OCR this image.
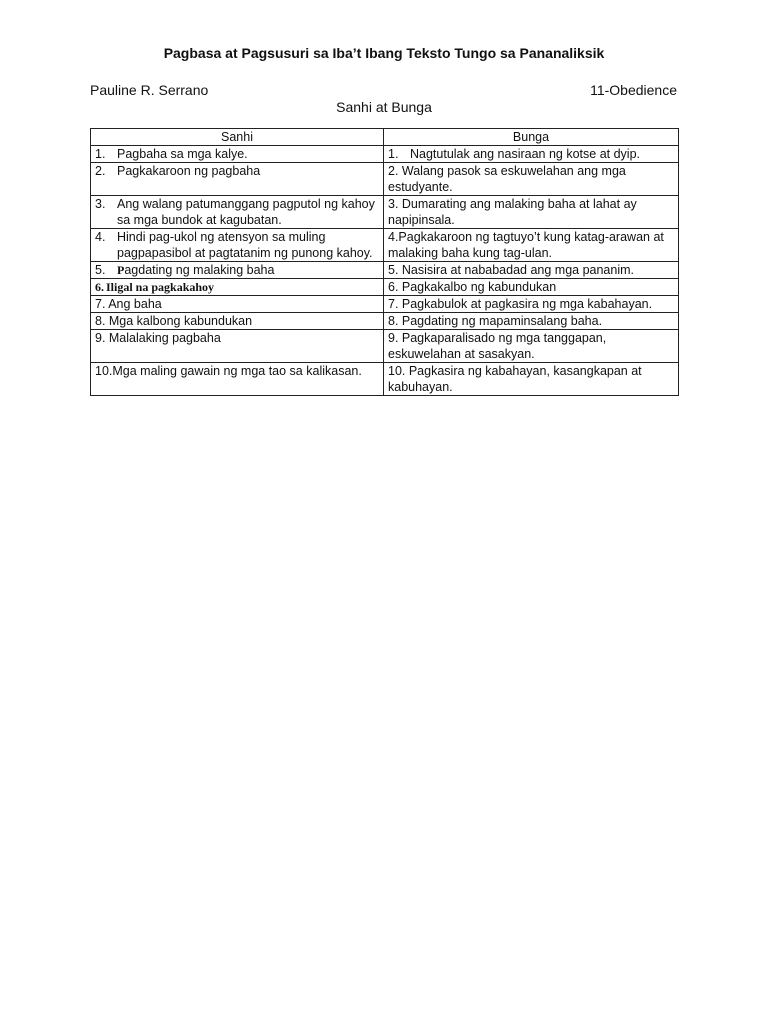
Pagbasa at Pagsusuri sa Iba’t Ibang Teksto Tungo sa Pananaliksik
Pauline R. Serrano	11-Obedience
Sanhi at Bunga
Sanhi	Bunga
1. Pagbaha sa mga kalye.	1. Nagtutulak ang nasiraan ng kotse at dyip.
2. Pagkakaroon ng pagbaha	2. Walang pasok sa eskuwelahan ang mga estudyante.

3. Ang walang patumanggang pagputol ng kahoy sa mga bundok at kagubatan.	3. Dumarating ang malaking baha at lahat ay napipinsala.

4. Hindi pag-ukol ng atensyon sa muling pagpapasibol at pagtatanim ng punong kahoy.	4.Pagkakaroon ng tagtuyo’t kung katag-arawan at malaking baha kung tag-ulan.
5. Pagdating ng malaking baha	5. Nasisira at nababadad ang mga pananim.
6. Iligal na pagkakahoy	6. Pagkakalbo ng kabundukan
7. Ang baha	7. Pagkabulok at pagkasira ng mga kabahayan.
8. Mga kalbong kabundukan	8. Pagdating ng mapaminsalang baha.
9. Malalaking pagbaha	9. Pagkaparalisado ng mga tanggapan, eskuwelahan at sasakyan.
10.Mga maling gawain ng mga tao sa kalikasan.	10. Pagkasira ng kabahayan, kasangkapan at kabuhayan.
